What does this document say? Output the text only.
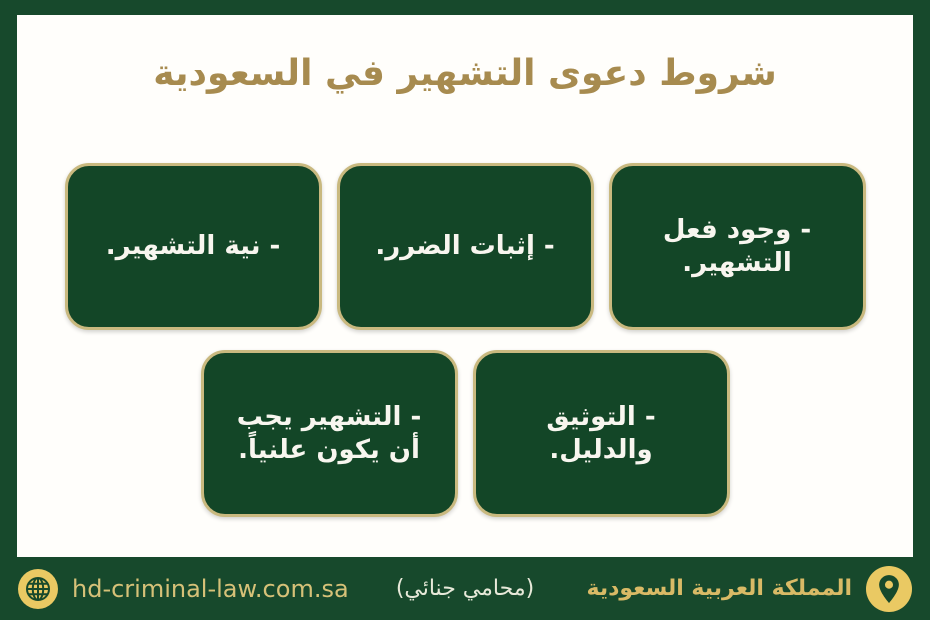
شروط دعوى التشهير في السعودية
- وجود فعل التشهير.
- إثبات الضرر.
- نية التشهير.
- التوثيق والدليل.
- التشهير يجب أن يكون علنياً.
hd-criminal-law.com.sa (محامي جنائي) المملكة العربية السعودية
